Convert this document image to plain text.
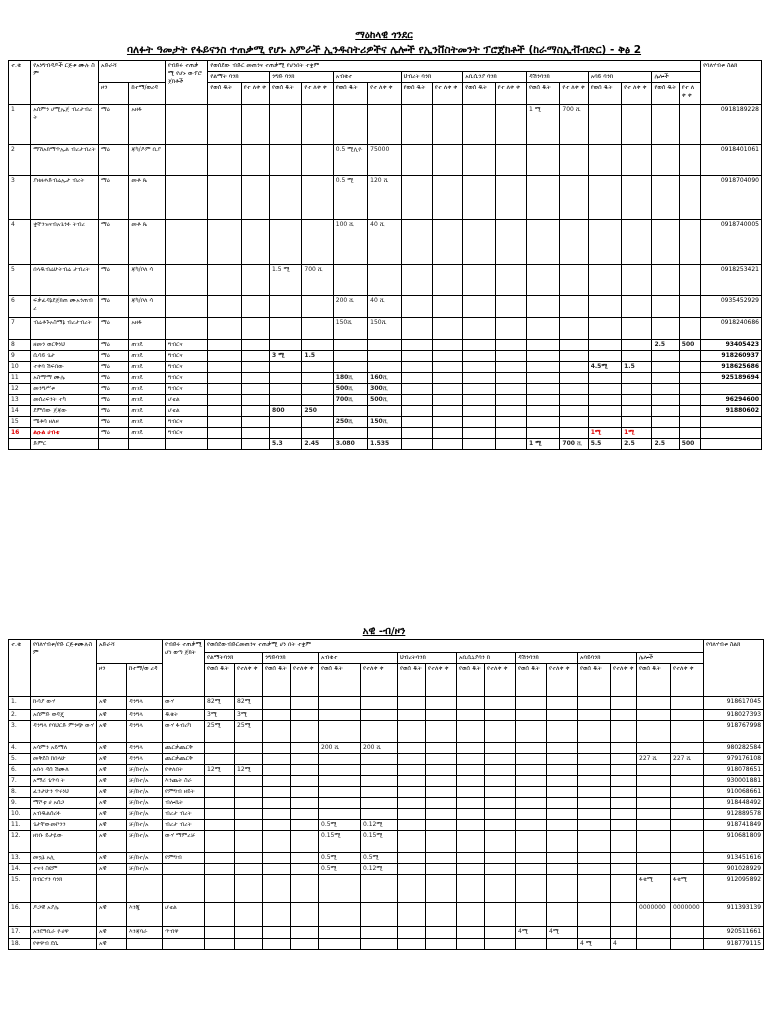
ማዕከላዊ ጎንደር
ባለፉት ዓመታት የፋይናንስ ተጠቃሚ የሆኑ አምራች ኢንዱስትሪዎችና ሌሎች የኢንቨስትመንት ፕሮጀክቶች (ከራማስኢቭብድር) - ቅፅ 2
ተ.ቁ	የአነግብዳዶች ርጅቱ ሙሉ ስም	አድራሻ		የብድሩ ተጠቃ ሚ የሆኑ ውፕሮ ጀክቶች	የወሰደው ብድር መጠንና ተጠቃሚ የሆነበት ተቋም																የባለሃብቱ ስልክ
					የልማት ባንክ		ንግድ ባንክ		አብቁተ		ህብረት ባንክ		አቢሲንያ ባንክ		ዳሽንባንክ		አባይ ባንክ		ሌሎች		
		ዞን	ከተማ/ወረዳ		የወሰ ዱት	የተ ለቀ ቀ	የወሰ ዱት	የተ ለቀ ቀ	የወሰ ዱት	የተ ለቀ ቀ	የወሰ ዱት	የተ ለቀ ቀ	የወሰ ዱት	የተ ለቀ ቀ	የወሰ ዱት	የተ ለቀ ቀ	የወሰ ዱት	የተ ለቀ ቀ	የወሰ ዱት	የተ ለቀ ቀ	
1	አሰምን ሀሚኢጀ ብረታብረት	ማዕ	አዘፋ												1 ሚ	700 ሺ					0918189228
2	ማሽአክማጥኢል ብረታብረት	ማዕ	ጃካ/ዶም ቢያ						0.5 ሚሊዮ	75000											0918401061
3	ያዘዘሐድብሬኢታ ብረት	ማዕ	መቶ ጼ						0.5 ሚ	120 ሺ											0918704090
4	ቋቸንዝናብአጌንፉ ትብረ	ማዕ	መቶ ጼ						100 ሺ	40 ሺ											0918740005
5	በላዱብሬሁትብሬ ታብረት	ማዕ	ጃካ/ቦለ ሳ				1.5 ሚ	700 ሺ													0918253421
6	ፍቃፈዳኔደጀክጠ ሙአንጠብረ	ማዕ	ጃካ/ቦለ ሳ						200 ሺ	40 ሺ											0935452929
7	ብሬቶጉኦስማኔ ብረታብረት	ማዕ	አዘፋ						150ሺ	150ሺ											0918240686
8	ዘመን ወርቅነህ	ማዕ	ጠገዴ	ግብርና															2.5	500	93405423
9	ሲሳይ ጌታ	ማዕ	ጠገዴ	ግብርና			3 ሚ	1.5													918260937
10	ተቀባ ሽፍበው	ማዕ	ጠገዴ	ግብርና													4.5ሚ	1.5			918625686
11	አስማማ ሙሌ	ማዕ	ጠገዴ	ግብርና					180ሺ	160ሺ											925189694
12	መንግሥቱ	ማዕ	ጠገዴ	ግብርና					500ሺ	300ሺ											
13	መሰረፍንት ተካ	ማዕ	ጠገዴ	ሆቴል					700ሺ	500ሺ											96294600
14	ደምሰው ጀጃው	ማዕ	ጠገዴ	ሆቴል			800	250													91880602
15	ሜቶሳ ዘለዞ	ማዕ	ጠገዴ	ግብርና					250ሺ	150ሺ											
16	ልዑል ሀብቴ	ማዕ	ጠገዴ	ግብርና													1ሚ	1ሚ			
	ድምር						5.3	2.45	3.080	1.535					1 ሚ	700 ሺ	5.5	2.5	2.5	500	
አዊ -ብ/ዞን
ተ.ቁ	የባለሃብቱ/የድ ርጅቱሙሉስም	አድራሻ		የብድሩ ተጠቃሚ ሆነ ወጣ ጀክት	የወሰደውብድርመጠንና ተጠቃሚ ሆነ በት ተቋም																የባለሃብቱ ስልክ
					የልማትባንክ		ንግድባንክ		አብቁተ		ህብረትባንክ		አቢሲኒያባን ክ		ዳሽንባንክ		አባይባንክ		ሌሎች		
		ዞን	ከተማ/ወ ረዳ		የወሰ ዱት	የተለቀ ቀ	የወሰ ዱት	የተለቀ ቀ	የወሰ ዱት	የተለቀ ቀ	የወሰ ዱት	የተለቀ ቀ	የወሰ ዱት	የተለቀ ቀ	የወሰ ዱት	የተለቀ ቀ	የወሰ ዱት	የተለቀ ቀ	የወሰ ዱት	የተለቀ ቀ	
1.	ኩሳያ ውሃ	አዊ	ዳንግላ	ውሃ	82ሚ	82ሚ															918617045
2.	አሰምድ ወዳጄ	አዊ	ዳንግላ	ዱቄት	3ሚ	3ሚ															918027393
3.	ዳንግላ የባህርድ ምንጭ ውሃ	አዊ	ዳንግላ	ውሃ ፋብሪካ	25ሚ	25ሚ															918767998
4.	አሳምን አይማለ	አዊ	ዳንግላ	ጨርቃጨርቅ					200 ሺ	200 ሺ											980282584
5.	መቅደስ ከበላሁ	አዊ	ዳንግላ	ጨርቃጨርቅ															227 ሺ	227 ሺ	979176108
6.	አቡነ ዳሰ ሽሙለ	አዊ	ቻ/ከተ/አ	የቀለበት	12ሚ	12ሚ															918078651
7.	አማሪ ጌጥባ ት	አዊ	ቻ/ከተ/አ	እንጨት ስራ																	930001881
8.	ፈንታሁን ጥሩነህ	አዊ	ቻ/ከተ/አ	የምግብ ዘይት																	910068661
9.	ማሾቲ ሀ አሰጋ	አዊ	ቻ/ከተ/አ	ብሎኬት																	918448492
10.	አብዱልሰሪፉ	አዊ	ቻ/ከተ/አ	ብረታ ብረት																	912889578
11.	ጌታቸውመኮንን	አዊ	ቻ/ከተ/አ	ብረታ ብረት					0.5ሚ	0.12ሚ											918741849
12.	ዘነቡ ይታዬው	አዊ	ቻ/ከተ/አ	ውሃ ማምረቻ					0.15ሚ	0.15ሚ											910681809
13.	መኳኔ አሊ	አዊ	ቻ/ከተ/አ	የምግብ					0.5ሚ	0.5ሚ											913451616
14.	ተናጓ ስዩም	አዊ	ቻ/ከተ/አ						0.5ሚ	0.12ሚ											901028929
15.	ክብርሃን ባንክ																		ፋቁሚ	ፋቁሚ	912095892
16.	ዶጋዊ አያሌ	አዊ	እንጂ	ሆቴል															0000000	0000000	911393139
17.	አንደዓቢራ ዮሀዋ	አዊ	እንጃባራ	ጥብዋ											4ሚ	4ሚ					920511661
18.	የቀዋብ ደሴ	አዊ															4 ሚ	4			918779115
